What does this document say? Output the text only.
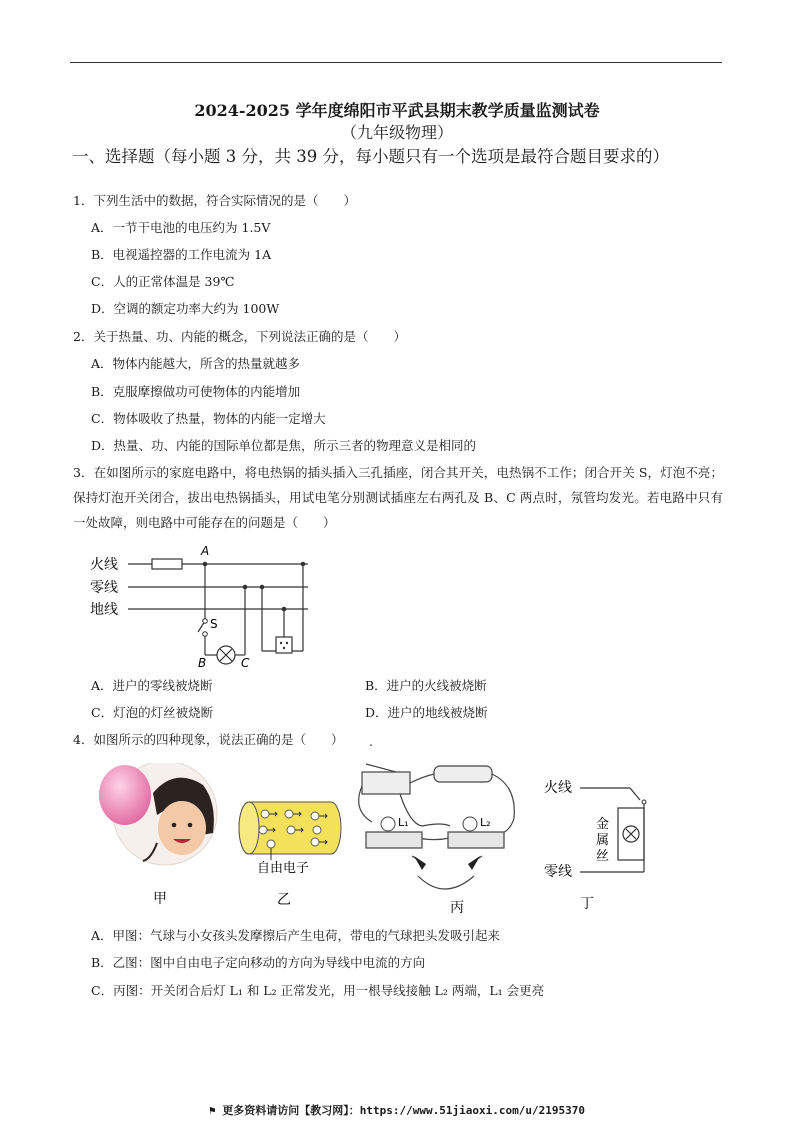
2024-2025 学年度绵阳市平武县期末教学质量监测试卷
（九年级物理）
一、选择题（每小题 3 分，共 39 分，每小题只有一个选项是最符合题目要求的）
1．下列生活中的数据，符合实际情况的是（　　）
A．一节干电池的电压约为 1.5V
B．电视遥控器的工作电流为 1A
C．人的正常体温是 39℃
D．空调的额定功率大约为 100W
2．关于热量、功、内能的概念，下列说法正确的是（　　）
A．物体内能越大，所含的热量就越多
B．克服摩擦做功可使物体的内能增加
C．物体吸收了热量，物体的内能一定增大
D．热量、功、内能的国际单位都是焦，所示三者的物理意义是相同的
3．在如图所示的家庭电路中，将电热锅的插头插入三孔插座，闭合其开关，电热锅不工作；闭合开关 S，灯泡不亮；保持灯泡开关闭合，拔出电热锅插头，用试电笔分别测试插座左右两孔及 B、C 两点时，氖管均发光。若电路中只有一处故障，则电路中可能存在的问题是（　　）
火线
零线
地线
A
S
B	C
A．进户的零线被烧断	B．进户的火线被烧断
C．灯泡的灯丝被烧断	D．进户的地线被烧断
4．如图所示的四种现象，说法正确的是（　　） .
甲
自由电子
乙
L₁	L₂
丙
火线
零线
金
属
丝
丁
A．甲图：气球与小女孩头发摩擦后产生电荷，带电的气球把头发吸引起来
B．乙图：图中自由电子定向移动的方向为导线中电流的方向
C．丙图：开关闭合后灯 L₁ 和 L₂ 正常发光，用一根导线接触 L₂ 两端，L₁ 会更亮
⚑ 更多资料请访问【教习网】：https://www.51jiaoxi.com/u/2195370
